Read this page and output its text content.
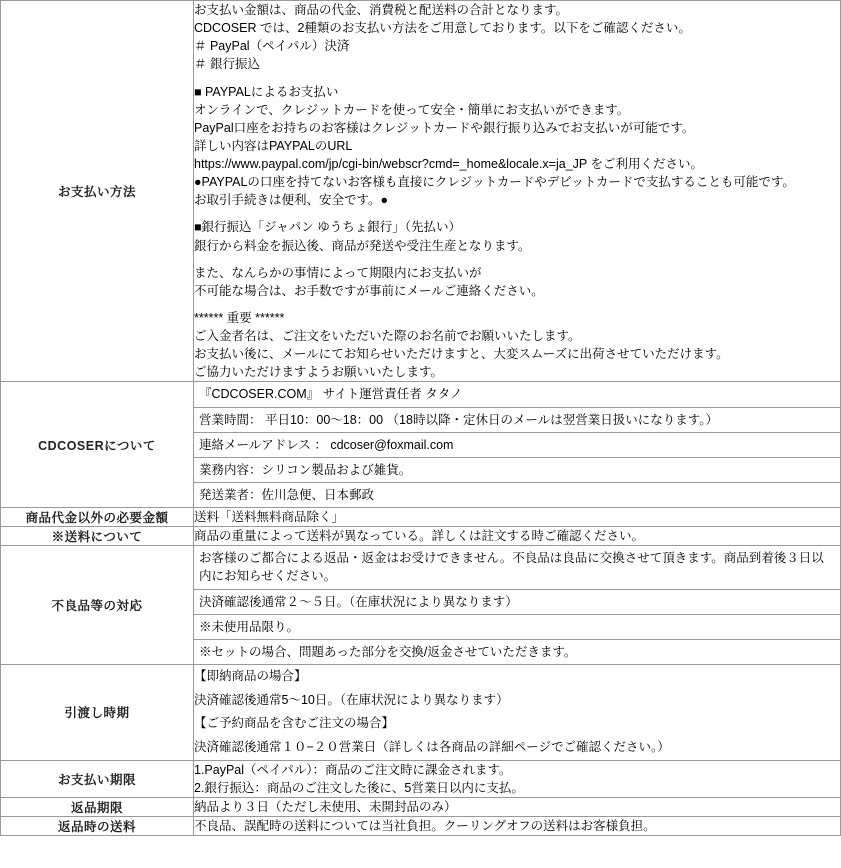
お支払い方法	
お支払い金額は、商品の代金、消費税と配送料の合計となります。
CDCOSER では、2種類のお支払い方法をご用意しております。以下をご確認ください。
＃ PayPal（ペイパル）決済
＃ 銀行振込
■ PAYPALによるお支払い
オンラインで、クレジットカードを使って安全・簡単にお支払いができます。
PayPal口座をお持ちのお客様はクレジットカードや銀行振り込みでお支払いが可能です。
詳しい内容はPAYPALのURL
https://www.paypal.com/jp/cgi-bin/webscr?cmd=_home&locale.x=ja_JP をご利用ください。
●PAYPALの口座を持てないお客様も直接にクレジットカードやデビットカードで支払することも可能です。
お取引手続きは便利、安全です。●
■銀行振込「ジャパン ゆうちょ銀行」（先払い）
銀行から料金を振込後、商品が発送や受注生産となります。
また、なんらかの事情によって期限内にお支払いが
不可能な場合は、お手数ですが事前にメールご連絡ください。
****** 重要 ******
ご入金者名は、ご注文をいただいた際のお名前でお願いいたします。
お支払い後に、メールにてお知らせいただけますと、大変スムーズに出荷させていただけます。
ご協力いただけますようお願いいたします。

CDCOSERについて	『CDCOSER.COM』 サイト運営責任者 タタノ
営業時間： 平日10：00〜18：00 （18時以降・定休日のメールは翌営業日扱いになります。）
連絡メールアドレス ： cdcoser@foxmail.com
業務内容：シリコン製品および雑貨。
発送業者：佐川急便、日本郵政

商品代金以外の必要金額	送料「送料無料商品除く」

※送料について	商品の重量によって送料が異なっている。詳しくは註文する時ご確認ください。

不良品等の対応	お客様のご都合による返品・返金はお受けできません。不良品は良品に交換させて頂きます。商品到着後３日以内にお知らせください。
決済確認後通常２〜５日。（在庫状況により異なります）
※未使用品限り。
※セットの場合、問題あった部分を交換/返金させていただきます。

引渡し時期	【即納商品の場合】
決済確認後通常5〜10日。（在庫状況により異なります）
【ご予約商品を含むご注文の場合】
決済確認後通常１０−２０営業日（詳しくは各商品の詳細ページでご確認ください。）

お支払い期限	1.PayPal（ペイパル）：商品のご注文時に課金されます。
2.銀行振込：商品のご注文した後に、5営業日以内に支払。

返品期限	納品より３日（ただし未使用、未開封品のみ）

返品時の送料	不良品、誤配時の送料については当社負担。クーリングオフの送料はお客様負担。
